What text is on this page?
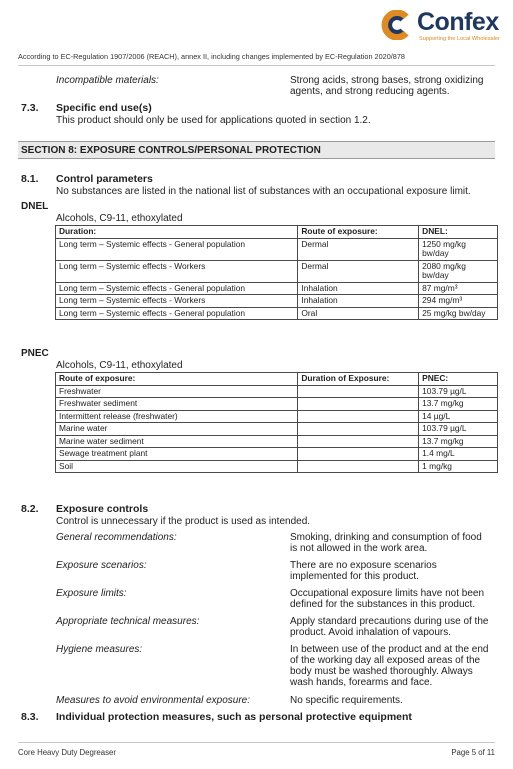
Confex
Supporting the Local Wholesaler
According to EC-Regulation 1907/2006 (REACH), annex II, including changes implemented by EC-Regulation 2020/878
Incompatible materials:	Strong acids, strong bases, strong oxidizing
agents, and strong reducing agents.
7.3. Specific end use(s)
This product should only be used for applications quoted in section 1.2.
SECTION 8: EXPOSURE CONTROLS/PERSONAL PROTECTION
8.1. Control parameters
No substances are listed in the national list of substances with an occupational exposure limit.
DNEL
Alcohols, C9-11, ethoxylated
Duration:	Route of exposure:	DNEL:
Long term – Systemic effects - General population	Dermal	1250 mg/kg bw/day
Long term – Systemic effects - Workers	Dermal	2080 mg/kg bw/day
Long term – Systemic effects - General population	Inhalation	87 mg/m³
Long term – Systemic effects - Workers	Inhalation	294 mg/m³
Long term – Systemic effects - General population	Oral	25 mg/kg bw/day
PNEC
Alcohols, C9-11, ethoxylated
Route of exposure:	Duration of Exposure:	PNEC:
Freshwater		103.79 µg/L
Freshwater sediment		13.7 mg/kg
Intermittent release (freshwater)		14 µg/L
Marine water		103.79 µg/L
Marine water sediment		13.7 mg/kg
Sewage treatment plant		1.4 mg/L
Soil		1 mg/kg
8.2. Exposure controls
Control is unnecessary if the product is used as intended.
General recommendations:	Smoking, drinking and consumption of food
is not allowed in the work area.
Exposure scenarios:	There are no exposure scenarios
implemented for this product.
Exposure limits:	Occupational exposure limits have not been
defined for the substances in this product.
Appropriate technical measures:	Apply standard precautions during use of the
product. Avoid inhalation of vapours.
Hygiene measures:	In between use of the product and at the end
of the working day all exposed areas of the
body must be washed thoroughly. Always
wash hands, forearms and face.
Measures to avoid environmental exposure:	No specific requirements.
8.3. Individual protection measures, such as personal protective equipment
Core Heavy Duty Degreaser	Page 5 of 11
